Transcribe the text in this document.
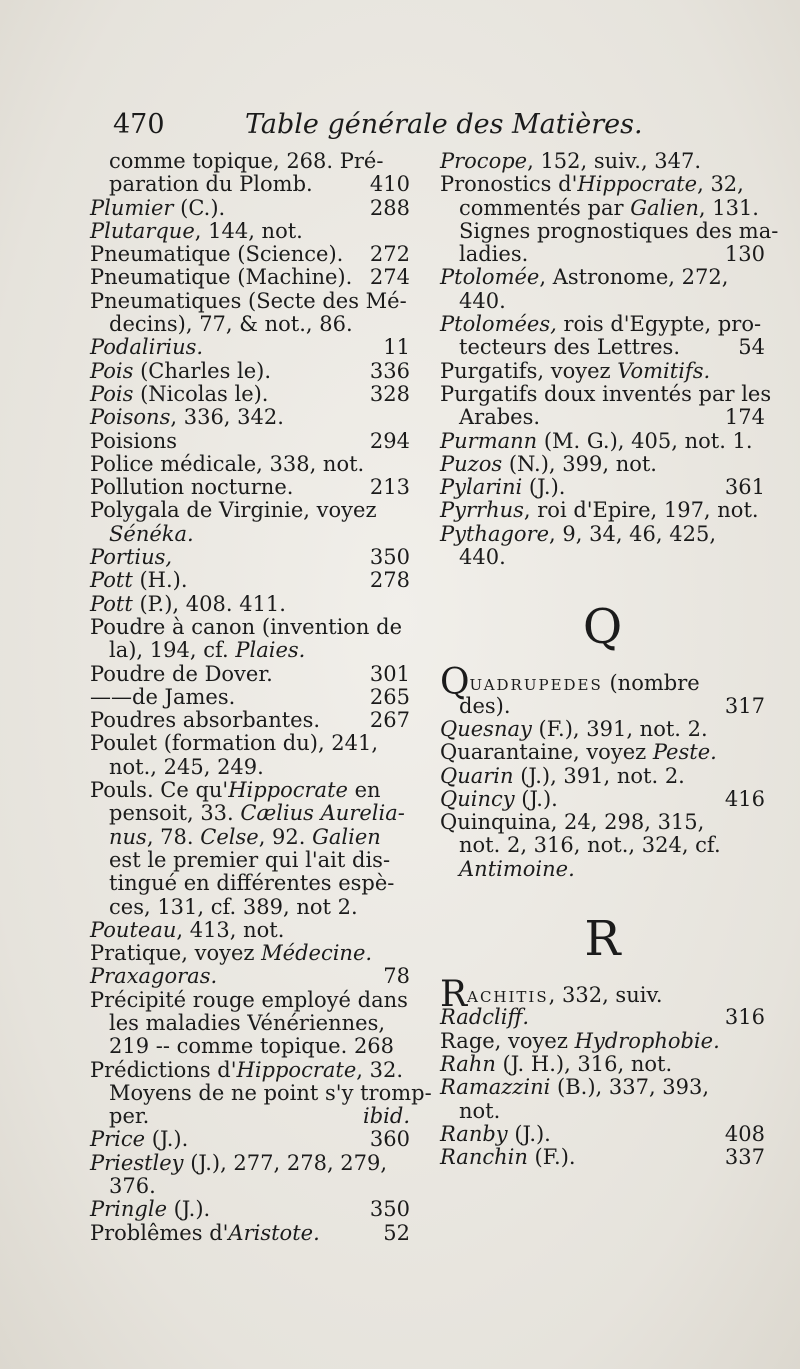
470	Table générale des Matières.
comme topique, 268. Pré-
paration du Plomb.	410
Plumier (C.).	288
Plutarque, 144, not.
Pneumatique (Science). 272
Pneumatique (Machine). 274
Pneumatiques (Secte des Mé-
decins), 77, & not., 86.
Podalirius.	11
Pois (Charles le).	336
Pois (Nicolas le).	328
Poisons, 336, 342.
Poisions	294
Police médicale, 338, not.
Pollution nocturne.	213
Polygala de Virginie, voyez
Sénéka.
Portius,	350
Pott (H.).	278
Pott (P.), 408. 411.
Poudre à canon (invention de
la), 194, cf. Plaies.
Poudre de Dover.	301
——de James.	265
Poudres absorbantes. 267
Poulet (formation du), 241,
not., 245, 249.
Pouls. Ce qu'Hippocrate en
pensoit, 33. Cælius Aurelia-
nus, 78. Celse, 92. Galien
est le premier qui l'ait dis-
tingué en différentes espè-
ces, 131, cf. 389, not 2.
Pouteau, 413, not.
Pratique, voyez Médecine.
Praxagoras.	78
Précipité rouge employé dans
les maladies Vénériennes,
219 -- comme topique. 268
Prédictions d'Hippocrate, 32.
Moyens de ne point s'y tromp-
per.	ibid.
Price (J.).	360
Priestley (J.), 277, 278, 279,
376.
Pringle (J.).	350
Problêmes d'Aristote.	52
Procope, 152, suiv., 347.
Pronostics d'Hippocrate, 32,
commentés par Galien, 131.
Signes prognostiques des ma-
ladies.	130
Ptolomée, Astronome, 272,
440.
Ptolomées, rois d'Egypte, pro-
tecteurs des Lettres.	54
Purgatifs, voyez Vomitifs.
Purgatifs doux inventés par les
Arabes.	174
Purmann (M. G.), 405, not. 1.
Puzos (N.), 399, not.
Pylarini (J.).	361
Pyrrhus, roi d'Epire, 197, not.
Pythagore, 9, 34, 46, 425,
440.
Q
QUADRUPEDES (nombre
des).	317
Quesnay (F.), 391, not. 2.
Quarantaine, voyez Peste.
Quarin (J.), 391, not. 2.
Quincy (J.).	416
Quinquina, 24, 298, 315,
not. 2, 316, not., 324, cf.
Antimoine.
R
RACHITIS, 332, suiv.
Radcliff.	316
Rage, voyez Hydrophobie.
Rahn (J. H.), 316, not.
Ramazzini (B.), 337, 393,
not.
Ranby (J.).	408
Ranchin (F.).	337
